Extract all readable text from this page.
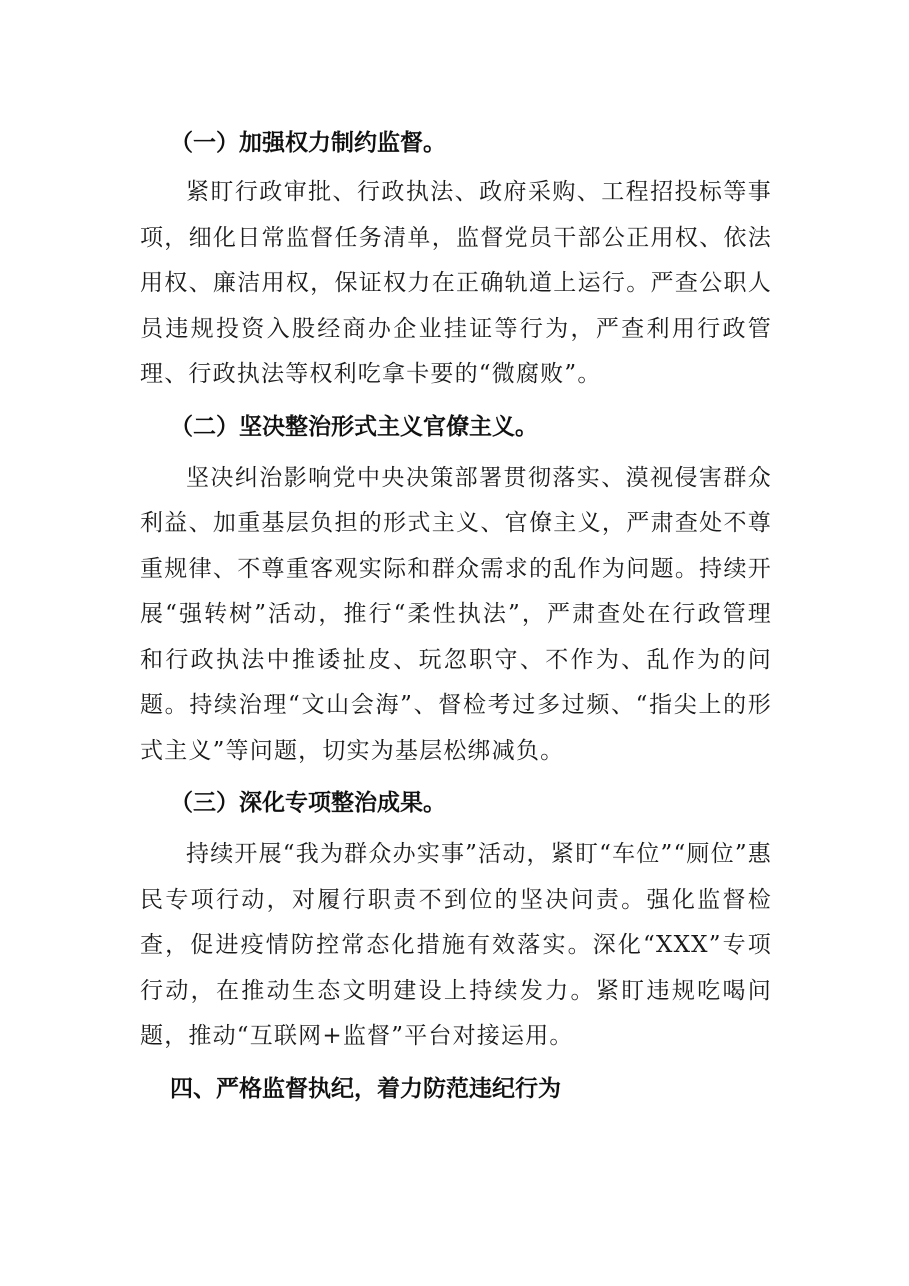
（一）加强权力制约监督。

紧盯行政审批、行政执法、政府采购、工程招投标等事项，细化日常监督任务清单，监督党员干部公正用权、依法用权、廉洁用权，保证权力在正确轨道上运行。严查公职人员违规投资入股经商办企业挂证等行为，严查利用行政管理、行政执法等权利吃拿卡要的“微腐败”。

（二）坚决整治形式主义官僚主义。

坚决纠治影响党中央决策部署贯彻落实、漠视侵害群众利益、加重基层负担的形式主义、官僚主义，严肃查处不尊重规律、不尊重客观实际和群众需求的乱作为问题。持续开展“强转树”活动，推行“柔性执法”，严肃查处在行政管理和行政执法中推诿扯皮、玩忽职守、不作为、乱作为的问题。持续治理“文山会海”、督检考过多过频、“指尖上的形式主义”等问题，切实为基层松绑减负。

（三）深化专项整治成果。

持续开展“我为群众办实事”活动，紧盯“车位”“厕位”惠民专项行动，对履行职责不到位的坚决问责。强化监督检查，促进疫情防控常态化措施有效落实。深化“XXX”专项行动，在推动生态文明建设上持续发力。紧盯违规吃喝问题，推动“互联网+监督”平台对接运用。

四、严格监督执纪，着力防范违纪行为
